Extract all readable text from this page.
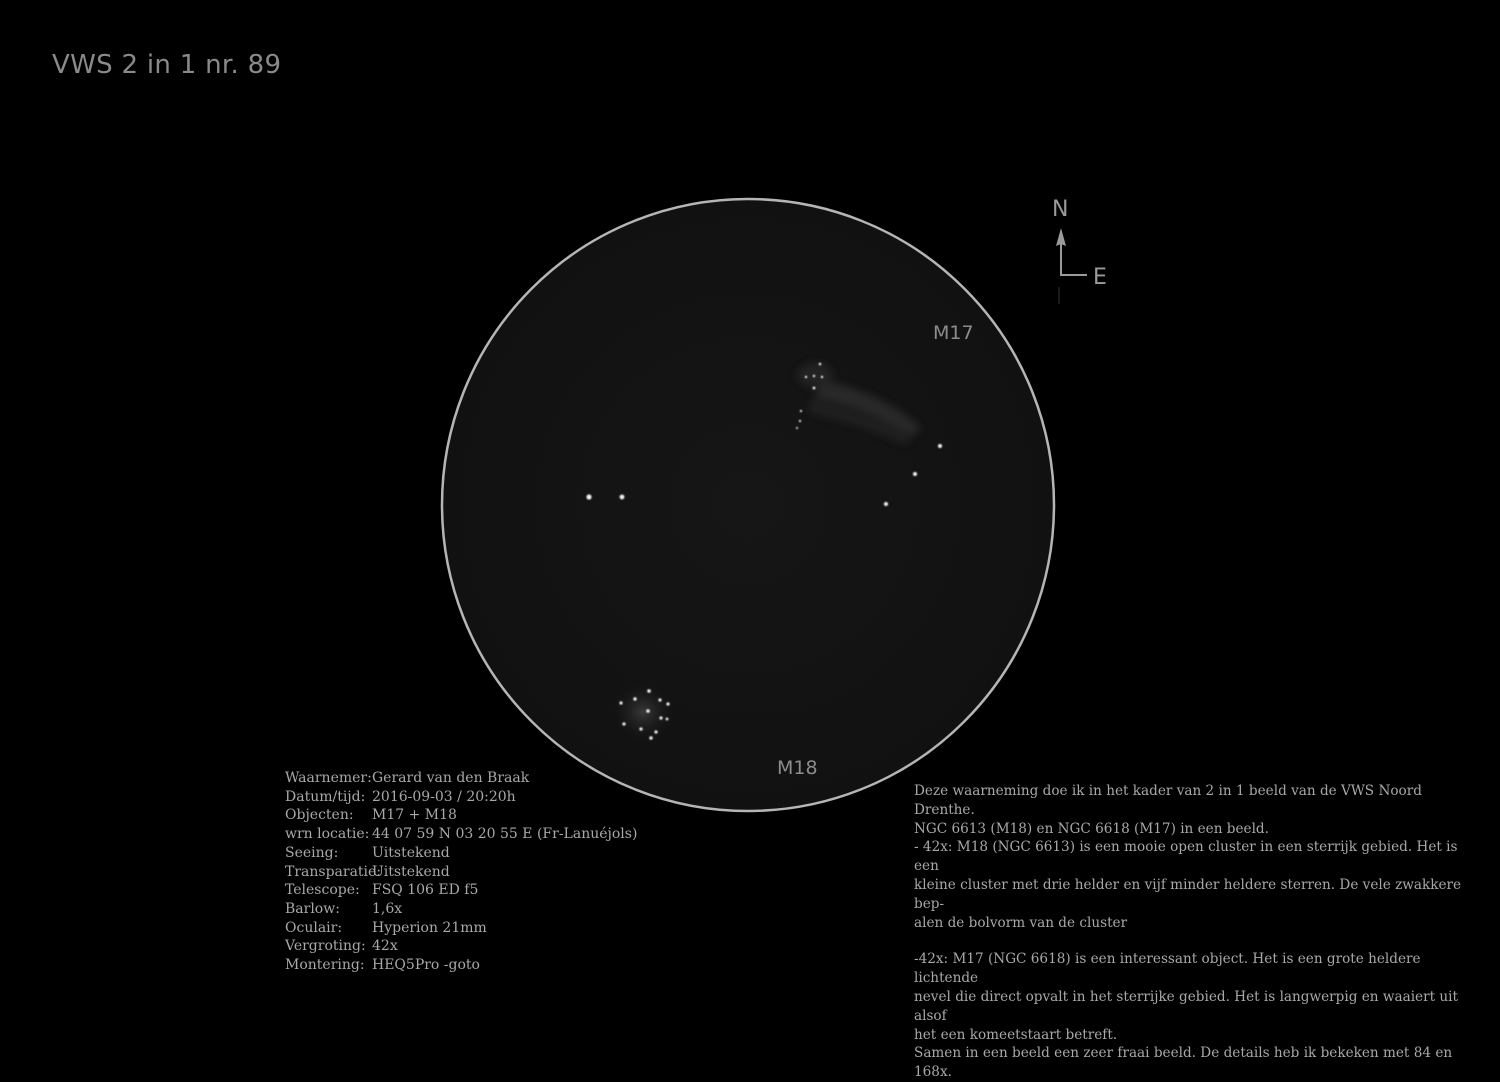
VWS 2 in 1 nr. 89
M17
M18
N
E
Waarnemer: Gerard van den Braak
Datum/tijd: 2016-09-03 / 20:20h
Objecten:	M17 + M18
wrn locatie: 44 07 59 N 03 20 55 E (Fr-Lanuéjols)
Seeing:	Uitstekend
Transparatie:
Uitstekend
Telescope: FSQ 106 ED f5
Barlow:	1,6x
Oculair:	Hyperion 21mm
Vergroting: 42x
Montering: HEQ5Pro -goto

Deze waarneming doe ik in het kader van 2 in 1 beeld van de VWS Noord Drenthe.
NGC 6613 (M18) en NGC 6618 (M17) in een beeld.
- 42x: M18 (NGC 6613) is een mooie open cluster in een sterrijk gebied. Het is een
kleine cluster met drie helder en vijf minder heldere sterren. De vele zwakkere bep-
alen de bolvorm van de cluster

-42x: M17 (NGC 6618) is een interessant object. Het is een grote heldere lichtende
nevel die direct opvalt in het sterrijke gebied. Het is langwerpig en waaiert uit alsof
het een komeetstaart betreft.
Samen in een beeld een zeer fraai beeld. De details heb ik bekeken met 84 en 168x.
